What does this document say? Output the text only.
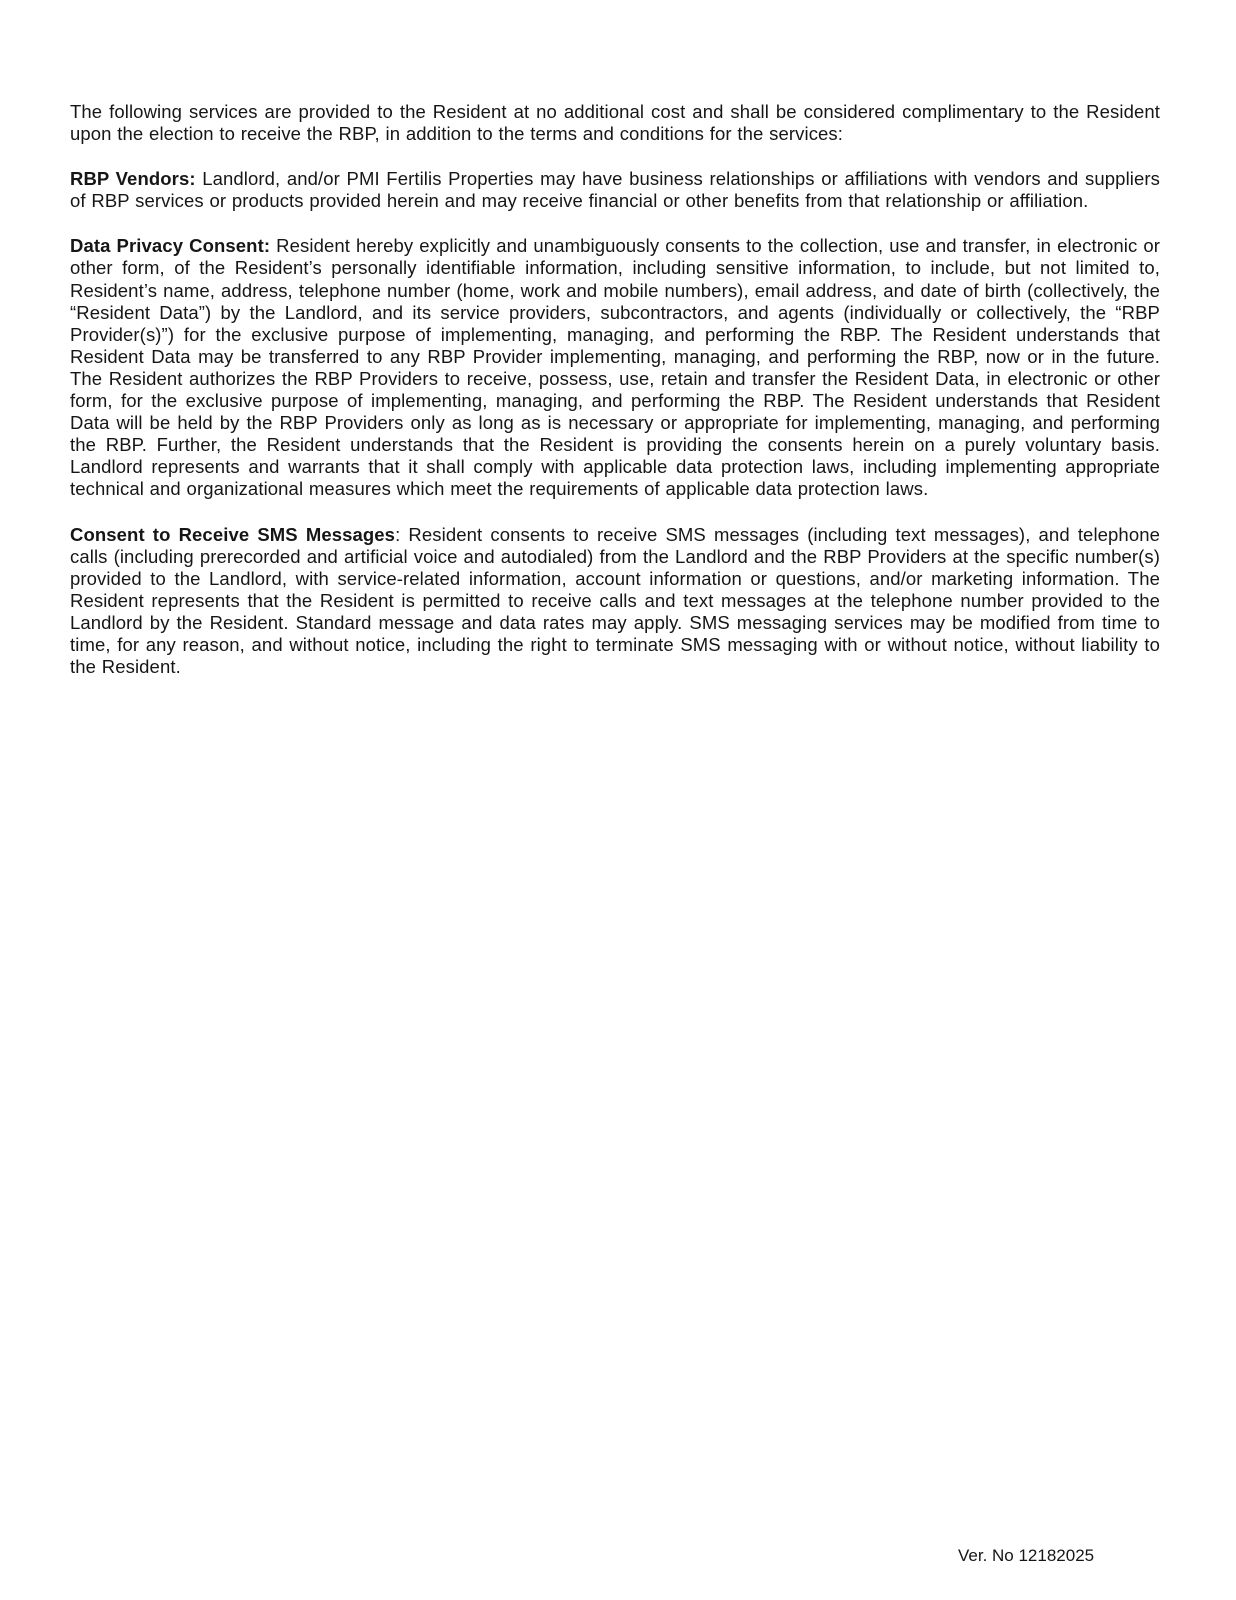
The following services are provided to the Resident at no additional cost and shall be considered complimentary to the Resident upon the election to receive the RBP, in addition to the terms and conditions for the services:

RBP Vendors: Landlord, and/or PMI Fertilis Properties may have business relationships or affiliations with vendors and suppliers of RBP services or products provided herein and may receive financial or other benefits from that relationship or affiliation.

Data Privacy Consent: Resident hereby explicitly and unambiguously consents to the collection, use and transfer, in electronic or other form, of the Resident’s personally identifiable information, including sensitive information, to include, but not limited to, Resident’s name, address, telephone number (home, work and mobile numbers), email address, and date of birth (collectively, the “Resident Data”) by the Landlord, and its service providers, subcontractors, and agents (individually or collectively, the “RBP Provider(s)”) for the exclusive purpose of implementing, managing, and performing the RBP. The Resident understands that Resident Data may be transferred to any RBP Provider implementing, managing, and performing the RBP, now or in the future. The Resident authorizes the RBP Providers to receive, possess, use, retain and transfer the Resident Data, in electronic or other form, for the exclusive purpose of implementing, managing, and performing the RBP. The Resident understands that Resident Data will be held by the RBP Providers only as long as is necessary or appropriate for implementing, managing, and performing the RBP. Further, the Resident understands that the Resident is providing the consents herein on a purely voluntary basis. Landlord represents and warrants that it shall comply with applicable data protection laws, including implementing appropriate technical and organizational measures which meet the requirements of applicable data protection laws.

Consent to Receive SMS Messages: Resident consents to receive SMS messages (including text messages), and telephone calls (including prerecorded and artificial voice and autodialed) from the Landlord and the RBP Providers at the specific number(s) provided to the Landlord, with service-related information, account information or questions, and/or marketing information. The Resident represents that the Resident is permitted to receive calls and text messages at the telephone number provided to the Landlord by the Resident. Standard message and data rates may apply. SMS messaging services may be modified from time to time, for any reason, and without notice, including the right to terminate SMS messaging with or without notice, without liability to the Resident.

Ver. No 12182025
